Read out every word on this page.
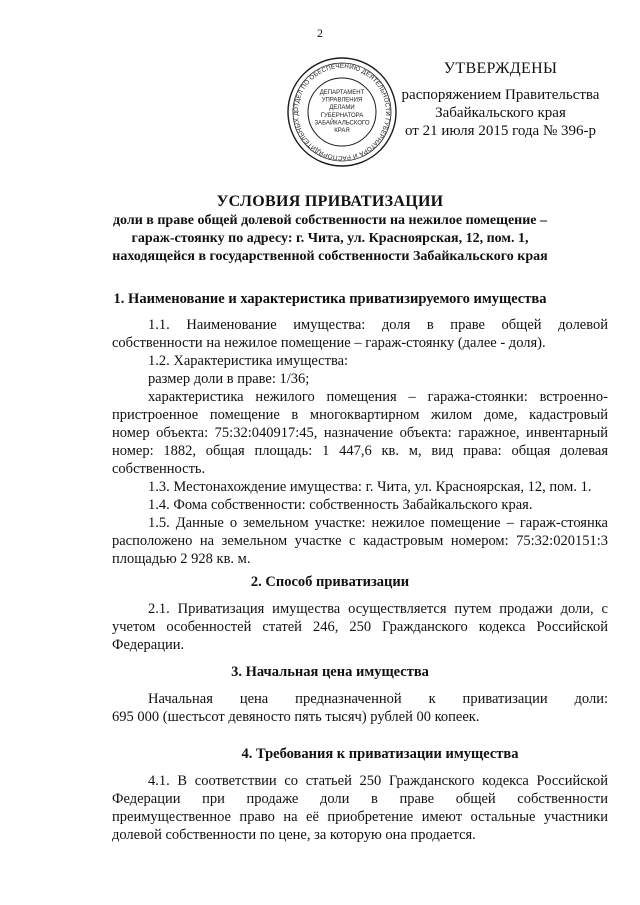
2
ОТДЕЛ ПО ОБЕСПЕЧЕНИЮ ДЕЯТЕЛЬНОСТИ ГУБЕРНАТОРА И РАСПОРЯДИТЕЛЬНЫХ Д
ДЕПАРТАМЕНТ
УПРАВЛЕНИЯ
ДЕЛАМИ
ГУБЕРНАТОРА
ЗАБАЙКАЛЬСКОГО
КРАЯ
УТВЕРЖДЕНЫ
распоряжением Правительства
Забайкальского края
от 21 июля 2015 года № 396-р
УСЛОВИЯ ПРИВАТИЗАЦИИ
доли в праве общей долевой собственности на нежилое помещение –
гараж-стоянку по адресу: г. Чита, ул. Красноярская, 12, пом. 1,
находящейся в государственной собственности Забайкальского края
1. Наименование и характеристика приватизируемого имущества

1.1. Наименование имущества: доля в праве общей долевой

собственности на нежилое помещение – гараж-стоянку (далее - доля).

1.2. Характеристика имущества:

размер доли в праве: 1/36;

характеристика нежилого помещения – гаража-стоянки: встроенно-

пристроенное помещение в многоквартирном жилом доме, кадастровый

номер объекта: 75:32:040917:45, назначение объекта: гаражное, инвентарный

номер: 1882, общая площадь: 1 447,6 кв. м, вид права: общая долевая

собственность.

1.3. Местонахождение имущества: г. Чита, ул. Красноярская, 12, пом. 1.

1.4. Фома собственности: собственность Забайкальского края.

1.5. Данные о земельном участке: нежилое помещение – гараж-стоянка

расположено на земельном участке с кадастровым номером: 75:32:020151:3

площадью 2 928 кв. м.

2. Способ приватизации

2.1. Приватизация имущества осуществляется путем продажи доли, с

учетом особенностей статей 246, 250 Гражданского кодекса Российской

Федерации.

3. Начальная цена имущества

Начальная цена предназначенной к приватизации доли:

695 000 (шестьсот девяносто пять тысяч) рублей 00 копеек.

4. Требования к приватизации имущества

4.1. В соответствии со статьей 250 Гражданского кодекса Российской

Федерации при продаже доли в праве общей собственности

преимущественное право на её приобретение имеют остальные участники

долевой собственности по цене, за которую она продается.
